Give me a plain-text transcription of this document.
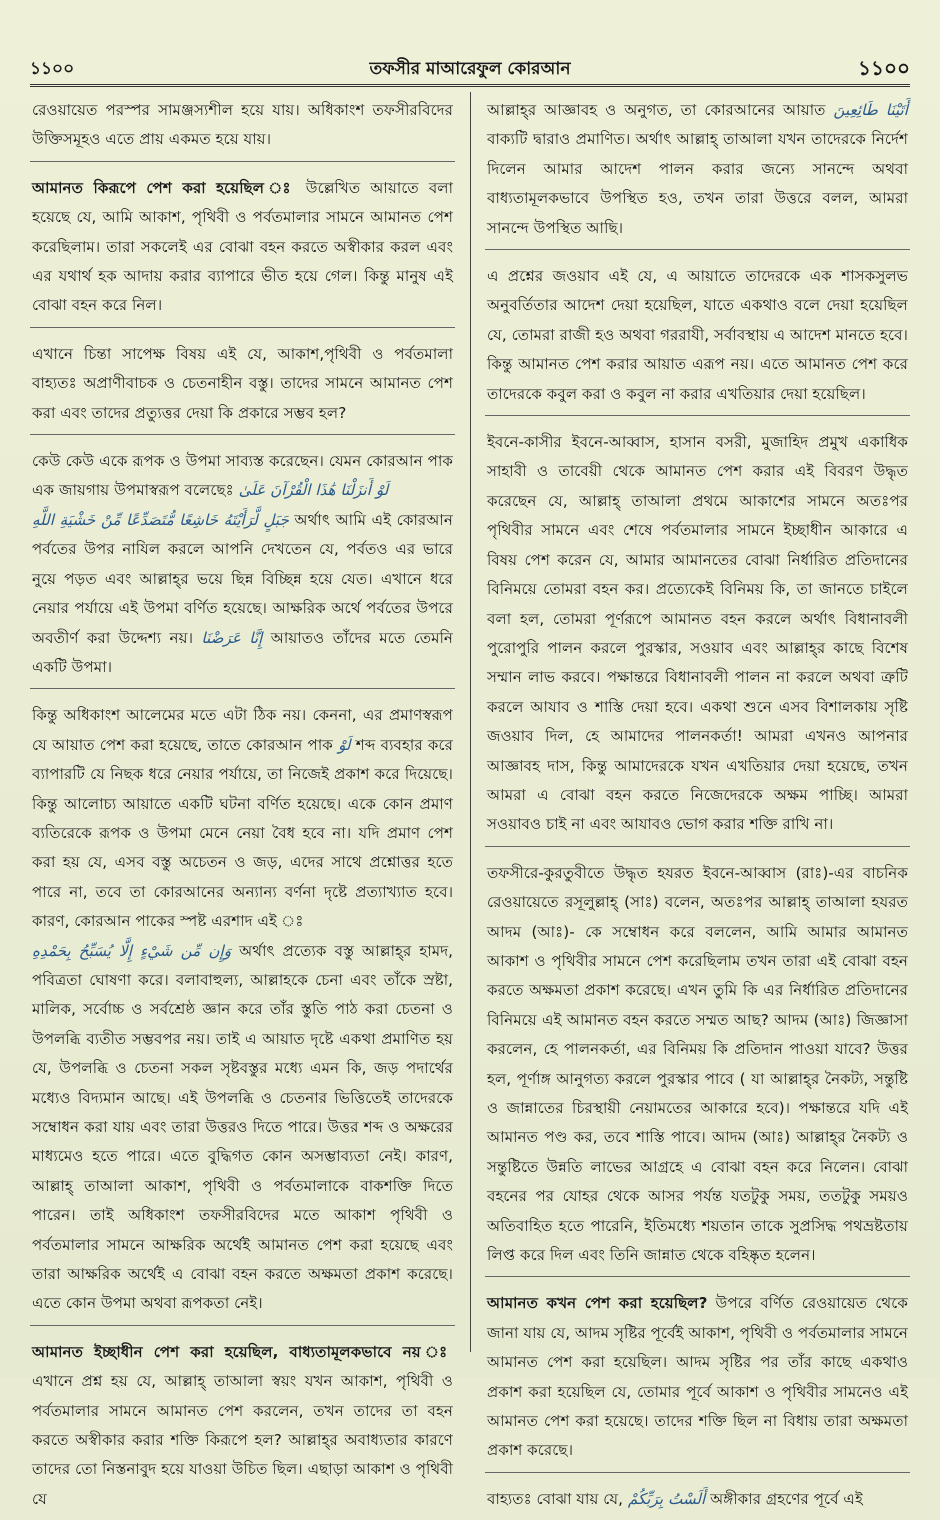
১১০০	তফসীর মাআরেফুল কোরআন	১১০০

রেওয়ায়েত পরস্পর সামঞ্জস্যশীল হয়ে যায়। অধিকাংশ তফসীরবিদের উক্তিসমূহও এতে প্রায় একমত হয়ে যায়।

আমানত কিরূপে পেশ করা হয়েছিল ঃ উল্লেখিত আয়াতে বলা হয়েছে যে, আমি আকাশ, পৃথিবী ও পর্বতমালার সামনে আমানত পেশ করেছিলাম। তারা সকলেই এর বোঝা বহন করতে অস্বীকার করল এবং এর যথার্থ হক আদায় করার ব্যাপারে ভীত হয়ে গেল। কিন্তু মানুষ এই বোঝা বহন করে নিল।

এখানে চিন্তা সাপেক্ষ বিষয় এই যে, আকাশ,পৃথিবী ও পর্বতমালা বাহ্যতঃ অপ্রাণীবাচক ও চেতনাহীন বস্তু। তাদের সামনে আমানত পেশ করা এবং তাদের প্রত্যুত্তর দেয়া কি প্রকারে সম্ভব হল?

কেউ কেউ একে রূপক ও উপমা সাব্যস্ত করেছেন। যেমন কোরআন পাক এক জায়গায় উপমাস্বরূপ বলেছেঃ لَوْ أَنزَلْنَا هَٰذَا الْقُرْآنَ عَلَىٰ

جَبَلٍ لَّرَأَيْتَهُ خَاشِعًا مُّتَصَدِّعًا مِّنْ خَشْيَةِ اللَّهِ অর্থাৎ আমি এই কোরআন পর্বতের উপর নাযিল করলে আপনি দেখতেন যে, পর্বতও এর ভারে নুয়ে পড়ত এবং আল্লাহ্‌র ভয়ে ছিন্ন বিচ্ছিন্ন হয়ে যেত। এখানে ধরে নেয়ার পর্যায়ে এই উপমা বর্ণিত হয়েছে। আক্ষরিক অর্থে পর্বতের উপরে অবতীর্ণ করা উদ্দেশ্য নয়। إِنَّا عَرَضْنَا আয়াতও তাঁদের মতে তেমনি একটি উপমা।

কিন্তু অধিকাংশ আলেমের মতে এটা ঠিক নয়। কেননা, এর প্রমাণস্বরূপ যে আয়াত পেশ করা হয়েছে, তাতে কোরআন পাক لَوْ শব্দ ব্যবহার করে ব্যাপারটি যে নিছক ধরে নেয়ার পর্যায়ে, তা নিজেই প্রকাশ করে দিয়েছে। কিন্তু আলোচ্য আয়াতে একটি ঘটনা বর্ণিত হয়েছে। একে কোন প্রমাণ ব্যতিরেকে রূপক ও উপমা মেনে নেয়া বৈধ হবে না। যদি প্রমাণ পেশ করা হয় যে, এসব বস্তু অচেতন ও জড়, এদের সাথে প্রশ্নোত্তর হতে পারে না, তবে তা কোরআনের অন্যান্য বর্ণনা দৃষ্টে প্রত্যাখ্যাত হবে। কারণ, কোরআন পাকের স্পষ্ট এরশাদ এই ঃ

وَإِن مِّن شَيْءٍ إِلَّا يُسَبِّحُ بِحَمْدِهِ অর্থাৎ প্রত্যেক বস্তু আল্লাহ্‌র হামদ, পবিত্রতা ঘোষণা করে। বলাবাহুল্য, আল্লাহকে চেনা এবং তাঁকে স্রষ্টা, মালিক, সর্বোচ্চ ও সর্বশ্রেষ্ঠ জ্ঞান করে তাঁর স্তুতি পাঠ করা চেতনা ও উপলব্ধি ব্যতীত সম্ভবপর নয়। তাই এ আয়াত দৃষ্টে একথা প্রমাণিত হয় যে, উপলব্ধি ও চেতনা সকল সৃষ্টবস্তুর মধ্যে এমন কি, জড় পদার্থের মধ্যেও বিদ্যমান আছে। এই উপলব্ধি ও চেতনার ভিত্তিতেই তাদেরকে সম্বোধন করা যায় এবং তারা উত্তরও দিতে পারে। উত্তর শব্দ ও অক্ষরের মাধ্যমেও হতে পারে। এতে বুদ্ধিগত কোন অসম্ভাব্যতা নেই। কারণ, আল্লাহ্‌ তাআলা আকাশ, পৃথিবী ও পর্বতমালাকে বাকশক্তি দিতে পারেন। তাই অধিকাংশ তফসীরবিদের মতে আকাশ পৃথিবী ও পর্বতমালার সামনে আক্ষরিক অর্থেই আমানত পেশ করা হয়েছে এবং তারা আক্ষরিক অর্থেই এ বোঝা বহন করতে অক্ষমতা প্রকাশ করেছে। এতে কোন উপমা অথবা রূপকতা নেই।

আমানত ইচ্ছাধীন পেশ করা হয়েছিল, বাধ্যতামূলকভাবে নয় ঃ এখানে প্রশ্ন হয় যে, আল্লাহ্‌ তাআলা স্বয়ং যখন আকাশ, পৃথিবী ও পর্বতমালার সামনে আমানত পেশ করলেন, তখন তাদের তা বহন করতে অস্বীকার করার শক্তি কিরূপে হল? আল্লাহ্‌র অবাধ্যতার কারণে তাদের তো নিস্তনাবুদ হয়ে যাওয়া উচিত ছিল। এছাড়া আকাশ ও পৃথিবী যে

আল্লাহ্‌র আজ্ঞাবহ ও অনুগত, তা কোরআনের আয়াত أَتَيْنَا طَائِعِينَ বাক্যটি দ্বারাও প্রমাণিত। অর্থাৎ আল্লাহ্‌ তাআলা যখন তাদেরকে নির্দেশ দিলেন আমার আদেশ পালন করার জন্যে সানন্দে অথবা বাধ্যতামূলকভাবে উপস্থিত হও, তখন তারা উত্তরে বলল, আমরা সানন্দে উপস্থিত আছি।

এ প্রশ্নের জওয়াব এই যে, এ আয়াতে তাদেরকে এক শাসকসুলভ অনুবর্তিতার আদেশ দেয়া হয়েছিল, যাতে একথাও বলে দেয়া হয়েছিল যে, তোমরা রাজী হও অথবা গররাযী, সর্বাবস্থায় এ আদেশ মানতে হবে। কিন্তু আমানত পেশ করার আয়াত এরূপ নয়। এতে আমানত পেশ করে তাদেরকে কবুল করা ও কবুল না করার এখতিয়ার দেয়া হয়েছিল।

ইবনে-কাসীর ইবনে-আব্বাস, হাসান বসরী, মুজাহিদ প্রমুখ একাধিক সাহাবী ও তাবেয়ী থেকে আমানত পেশ করার এই বিবরণ উদ্ধৃত করেছেন যে, আল্লাহ্‌ তাআলা প্রথমে আকাশের সামনে অতঃপর পৃথিবীর সামনে এবং শেষে পর্বতমালার সামনে ইচ্ছাধীন আকারে এ বিষয় পেশ করেন যে, আমার আমানতের বোঝা নির্ধারিত প্রতিদানের বিনিময়ে তোমরা বহন কর। প্রত্যেকেই বিনিময় কি, তা জানতে চাইলে বলা হল, তোমরা পূর্ণরূপে আমানত বহন করলে অর্থাৎ বিধানাবলী পুরোপুরি পালন করলে পুরস্কার, সওয়াব এবং আল্লাহ্‌র কাছে বিশেষ সম্মান লাভ করবে। পক্ষান্তরে বিধানাবলী পালন না করলে অথবা ত্রুটি করলে আযাব ও শাস্তি দেয়া হবে। একথা শুনে এসব বিশালকায় সৃষ্টি জওয়াব দিল, হে আমাদের পালনকর্তা! আমরা এখনও আপনার আজ্ঞাবহ দাস, কিন্তু আমাদেরকে যখন এখতিয়ার দেয়া হয়েছে, তখন আমরা এ বোঝা বহন করতে নিজেদেরকে অক্ষম পাচ্ছি। আমরা সওয়াবও চাই না এবং আযাবও ভোগ করার শক্তি রাখি না।

তফসীরে-কুরতুবীতে উদ্ধৃত হযরত ইবনে-আব্বাস (রাঃ)-এর বাচনিক রেওয়ায়েতে রসূলুল্লাহ্‌ (সাঃ) বলেন, অতঃপর আল্লাহ্‌ তাআলা হযরত আদম (আঃ)- কে সম্বোধন করে বললেন, আমি আমার আমানত আকাশ ও পৃথিবীর সামনে পেশ করেছিলাম তখন তারা এই বোঝা বহন করতে অক্ষমতা প্রকাশ করেছে। এখন তুমি কি এর নির্ধারিত প্রতিদানের বিনিময়ে এই আমানত বহন করতে সম্মত আছ? আদম (আঃ) জিজ্ঞাসা করলেন, হে পালনকর্তা, এর বিনিময় কি প্রতিদান পাওয়া যাবে? উত্তর হল, পূর্ণাঙ্গ আনুগত্য করলে পুরস্কার পাবে ( যা আল্লাহ্‌র নৈকট্য, সন্তুষ্টি ও জান্নাতের চিরস্থায়ী নেয়ামতের আকারে হবে)। পক্ষান্তরে যদি এই আমানত পণ্ড কর, তবে শাস্তি পাবে। আদম (আঃ) আল্লাহ্‌র নৈকট্য ও সন্তুষ্টিতে উন্নতি লাভের আগ্রহে এ বোঝা বহন করে নিলেন। বোঝা বহনের পর যোহর থেকে আসর পর্যন্ত যতটুকু সময়, ততটুকু সময়ও অতিবাহিত হতে পারেনি, ইতিমধ্যে শয়তান তাকে সুপ্রসিদ্ধ পথভ্রষ্টতায় লিপ্ত করে দিল এবং তিনি জান্নাত থেকে বহিষ্কৃত হলেন।

আমানত কখন পেশ করা হয়েছিল? উপরে বর্ণিত রেওয়ায়েত থেকে জানা যায় যে, আদম সৃষ্টির পূর্বেই আকাশ, পৃথিবী ও পর্বতমালার সামনে আমানত পেশ করা হয়েছিল। আদম সৃষ্টির পর তাঁর কাছে একথাও প্রকাশ করা হয়েছিল যে, তোমার পূর্বে আকাশ ও পৃথিবীর সামনেও এই আমানত পেশ করা হয়েছে। তাদের শক্তি ছিল না বিধায় তারা অক্ষমতা প্রকাশ করেছে।

বাহ্যতঃ বোঝা যায় যে, أَلَسْتُ بِرَبِّكُمْ অঙ্গীকার গ্রহণের পূর্বে এই
